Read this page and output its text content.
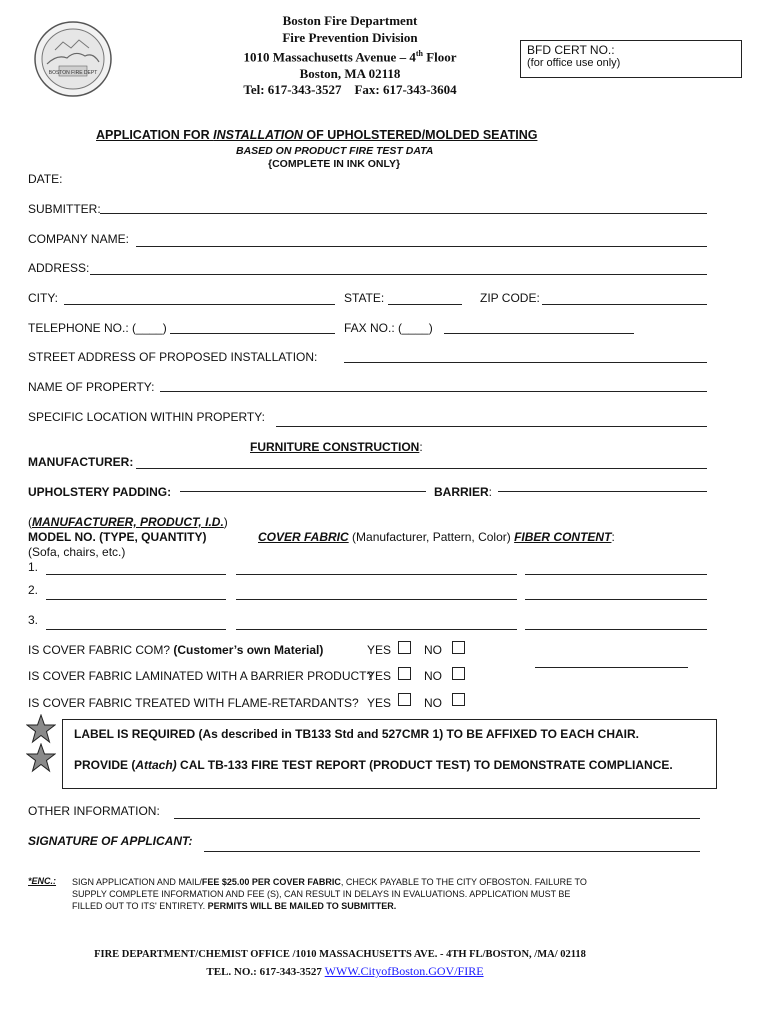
BOSTON FIRE DEPT
Boston Fire Department
Fire Prevention Division
1010 Massachusetts Avenue – 4th Floor
Boston, MA 02118
Tel: 617-343-3527 Fax: 617-343-3604
BFD CERT NO.:
(for office use only)
APPLICATION FOR INSTALLATION OF UPHOLSTERED/MOLDED SEATING
BASED ON PRODUCT FIRE TEST DATA
{COMPLETE IN INK ONLY}
DATE:
SUBMITTER:
COMPANY NAME:
ADDRESS:
CITY:	STATE:	ZIP CODE:
TELEPHONE NO.: (____)	FAX NO.: (____)
STREET ADDRESS OF PROPOSED INSTALLATION:
NAME OF PROPERTY:
SPECIFIC LOCATION WITHIN PROPERTY:
FURNITURE CONSTRUCTION:
MANUFACTURER:
UPHOLSTERY PADDING:	BARRIER:
(MANUFACTURER, PRODUCT, I.D.)
MODEL NO. (TYPE, QUANTITY)
(Sofa, chairs, etc.)
COVER FABRIC (Manufacturer, Pattern, Color) FIBER CONTENT:
1.
2.
3.
IS COVER FABRIC COM? (Customer’s own Material)	YES	NO
IS COVER FABRIC LAMINATED WITH A BARRIER PRODUCT?
YES	NO
IS COVER FABRIC TREATED WITH FLAME-RETARDANTS? YES	NO
LABEL IS REQUIRED (As described in TB133 Std and 527CMR 1) TO BE AFFIXED TO EACH CHAIR.
PROVIDE (Attach) CAL TB-133 FIRE TEST REPORT (PRODUCT TEST) TO DEMONSTRATE COMPLIANCE.
OTHER INFORMATION:
SIGNATURE OF APPLICANT:
*ENC.: SIGN APPLICATION AND MAIL/FEE $25.00 PER COVER FABRIC, CHECK PAYABLE TO THE CITY OFBOSTON. FAILURE TO
SUPPLY COMPLETE INFORMATION AND FEE (S), CAN RESULT IN DELAYS IN EVALUATIONS. APPLICATION MUST BE
FILLED OUT TO ITS' ENTIRETY. PERMITS WILL BE MAILED TO SUBMITTER.
FIRE DEPARTMENT/CHEMIST OFFICE /1010 MASSACHUSETTS AVE. - 4TH FL/BOSTON, /MA/ 02118
TEL. NO.: 617-343-3527 WWW.CityofBoston.GOV/FIRE
